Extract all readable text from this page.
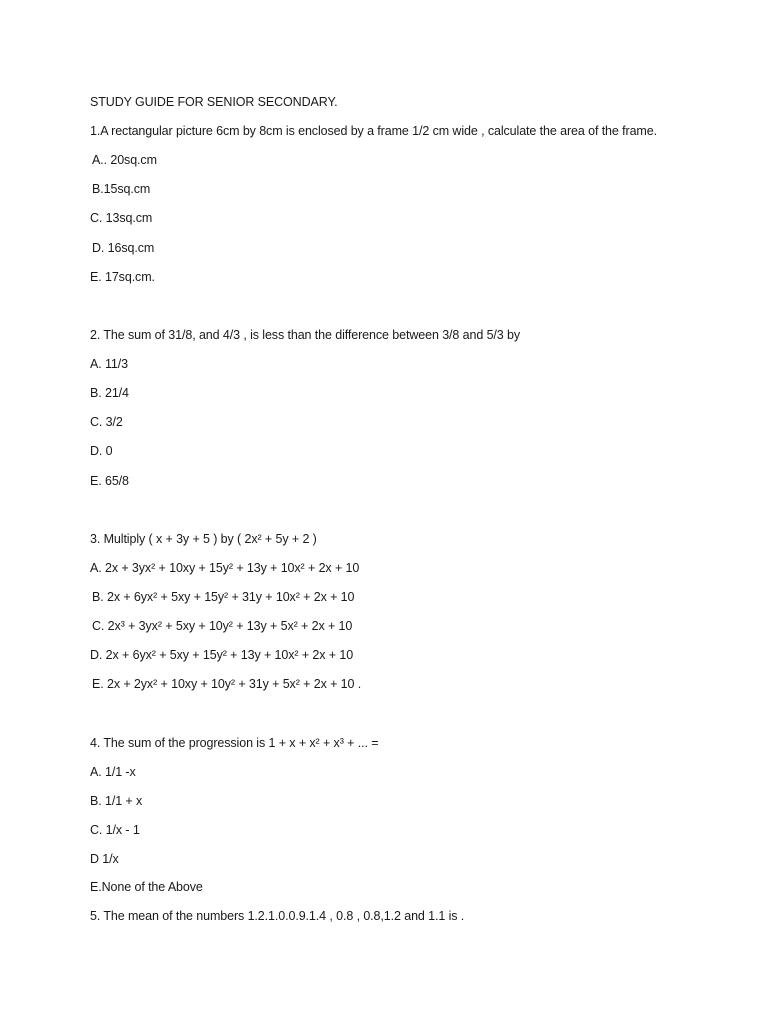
STUDY GUIDE FOR SENIOR SECONDARY.
1.A rectangular picture 6cm by 8cm is enclosed by a frame 1/2 cm wide , calculate the area of the frame.
A.. 20sq.cm
B.15sq.cm
C. 13sq.cm
D. 16sq.cm
E. 17sq.cm.
2. The sum of 31/8, and 4/3 , is less than the difference between 3/8 and 5/3 by
A. 11/3
B. 21/4
C. 3/2
D. 0
E. 65/8
3. Multiply ( x + 3y + 5 ) by ( 2x² + 5y + 2 )
A. 2x + 3yx² + 10xy + 15y² + 13y + 10x² + 2x + 10
B. 2x + 6yx² + 5xy + 15y² + 31y + 10x² + 2x + 10
C. 2x³ + 3yx² + 5xy + 10y² + 13y + 5x² + 2x + 10
D. 2x + 6yx² + 5xy + 15y² + 13y + 10x² + 2x + 10
E. 2x + 2yx² + 10xy + 10y² + 31y + 5x² + 2x + 10 .
4. The sum of the progression is 1 + x + x² + x³ + ... =
A. 1/1 -x
B. 1/1 + x
C. 1/x - 1
D 1/x
E.None of the Above
5. The mean of the numbers 1.2.1.0.0.9.1.4 , 0.8 , 0.8,1.2 and 1.1 is .
